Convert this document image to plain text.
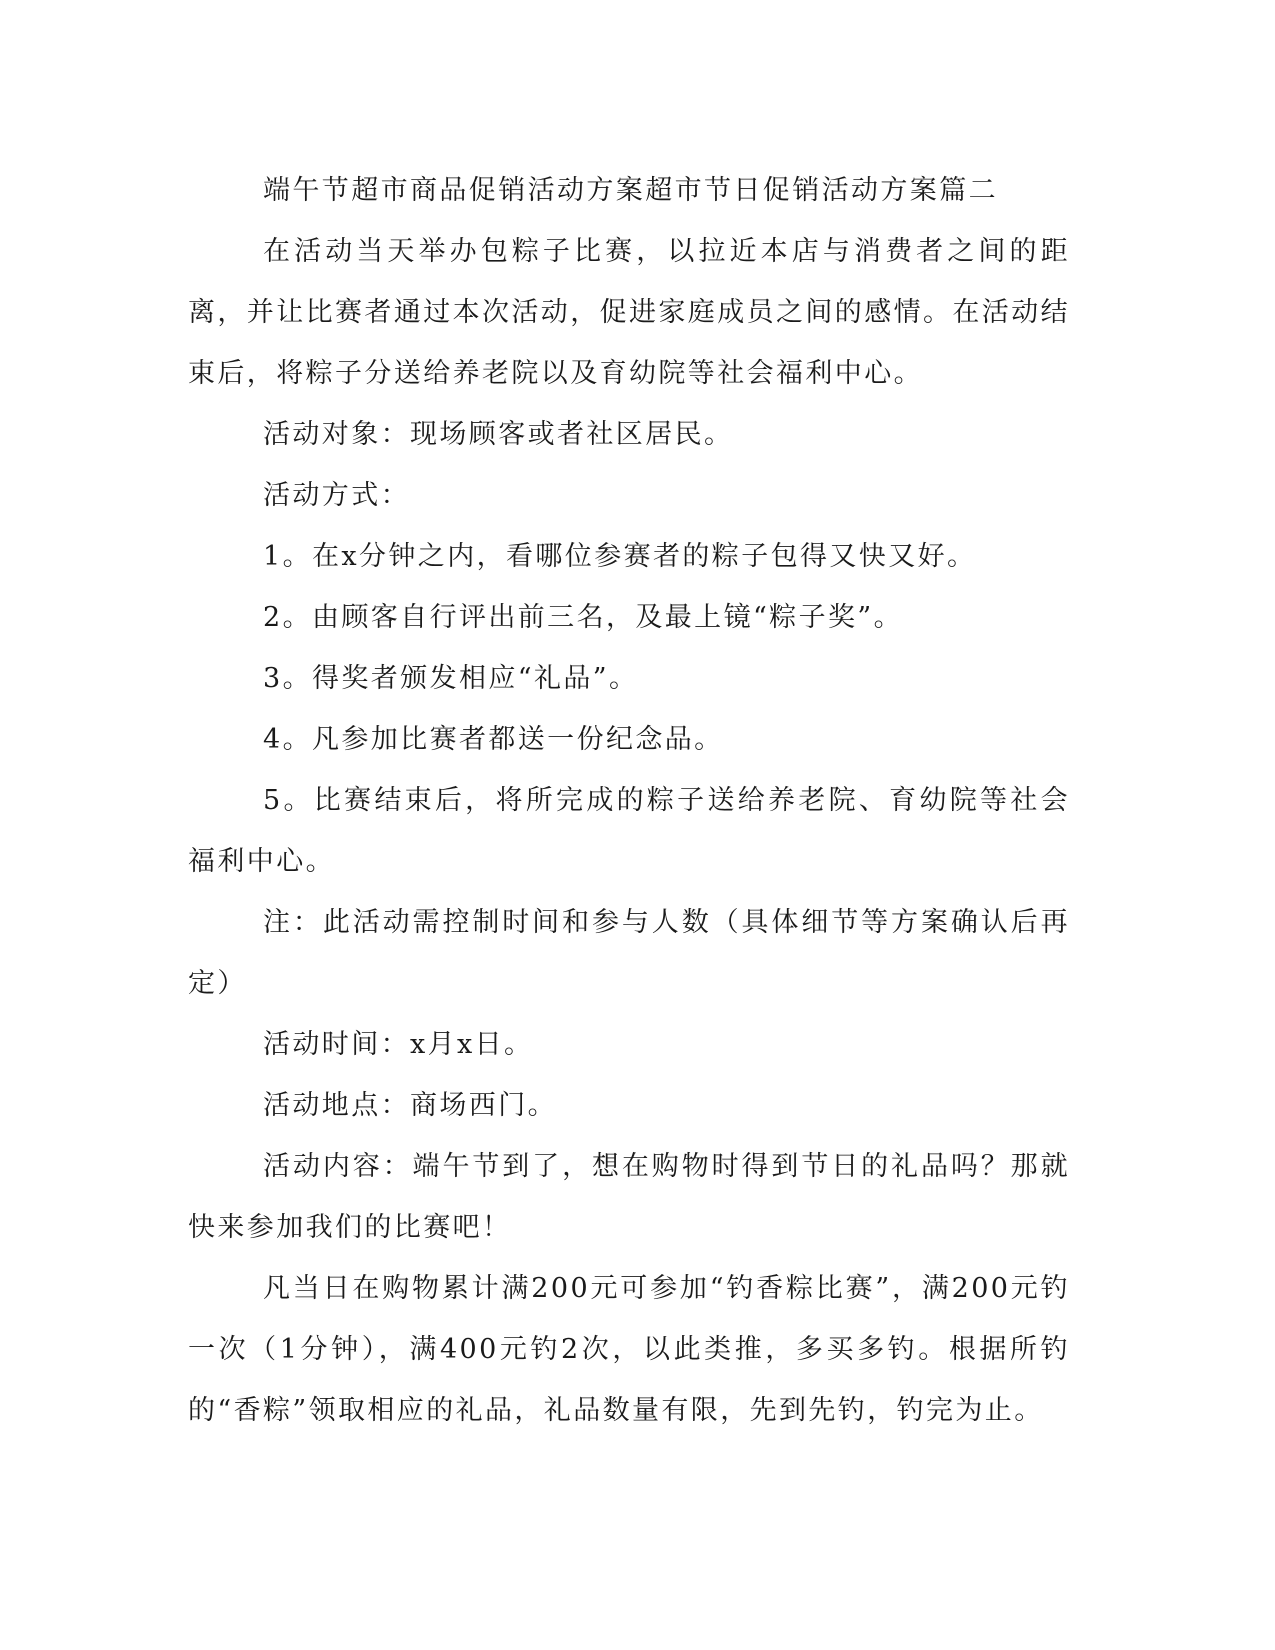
端午节超市商品促销活动方案超市节日促销活动方案篇二

在活动当天举办包粽子比赛，以拉近本店与消费者之间的距离，并让比赛者通过本次活动，促进家庭成员之间的感情。在活动结束后，将粽子分送给养老院以及育幼院等社会福利中心。

活动对象：现场顾客或者社区居民。

活动方式：

1。在x分钟之内，看哪位参赛者的粽子包得又快又好。

2。由顾客自行评出前三名，及最上镜“粽子奖”。

3。得奖者颁发相应“礼品”。

4。凡参加比赛者都送一份纪念品。

5。比赛结束后，将所完成的粽子送给养老院、育幼院等社会福利中心。

注：此活动需控制时间和参与人数（具体细节等方案确认后再定）

活动时间：x月x日。

活动地点：商场西门。

活动内容：端午节到了，想在购物时得到节日的礼品吗？那就快来参加我们的比赛吧！

凡当日在购物累计满200元可参加“钓香粽比赛”，满200元钓一次（1分钟），满400元钓2次，以此类推，多买多钓。根据所钓的“香粽”领取相应的礼品，礼品数量有限，先到先钓，钓完为止。
